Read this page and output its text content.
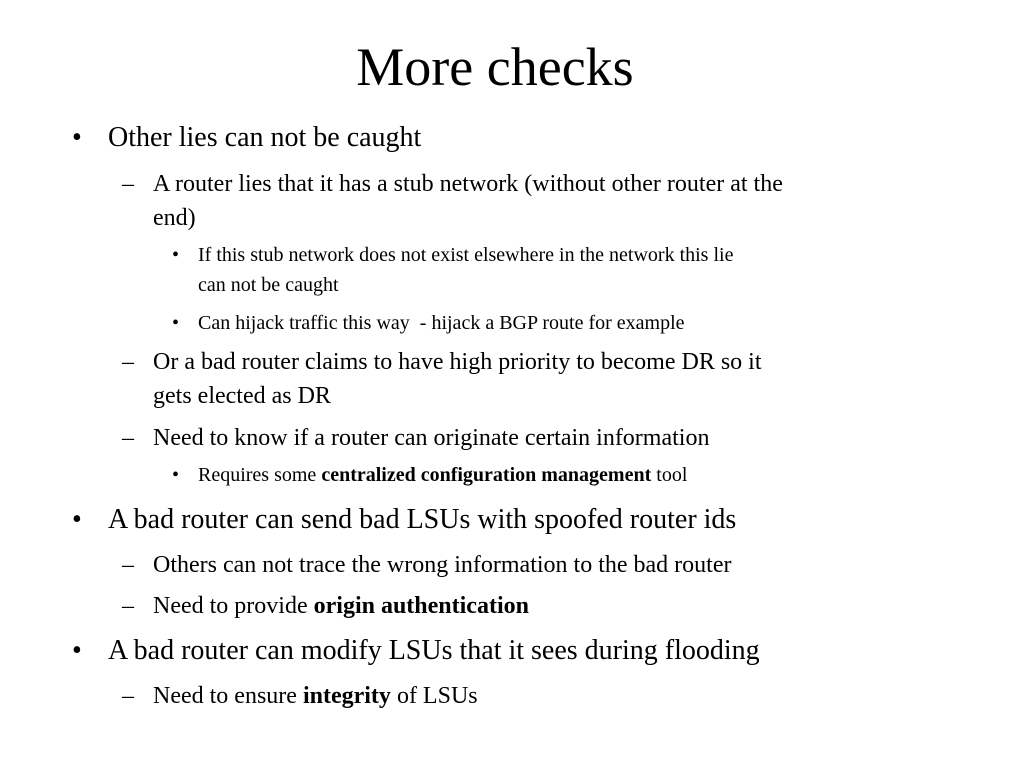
More checks
• Other lies can not be caught
– A router lies that it has a stub network (without other router at the
end)
• If this stub network does not exist elsewhere in the network this lie
can not be caught
• Can hijack traffic this way  - hijack a BGP route for example
– Or a bad router claims to have high priority to become DR so it
gets elected as DR
– Need to know if a router can originate certain information
• Requires some centralized configuration management tool
• A bad router can send bad LSUs with spoofed router ids
– Others can not trace the wrong information to the bad router
– Need to provide origin authentication
• A bad router can modify LSUs that it sees during flooding
– Need to ensure integrity of LSUs
